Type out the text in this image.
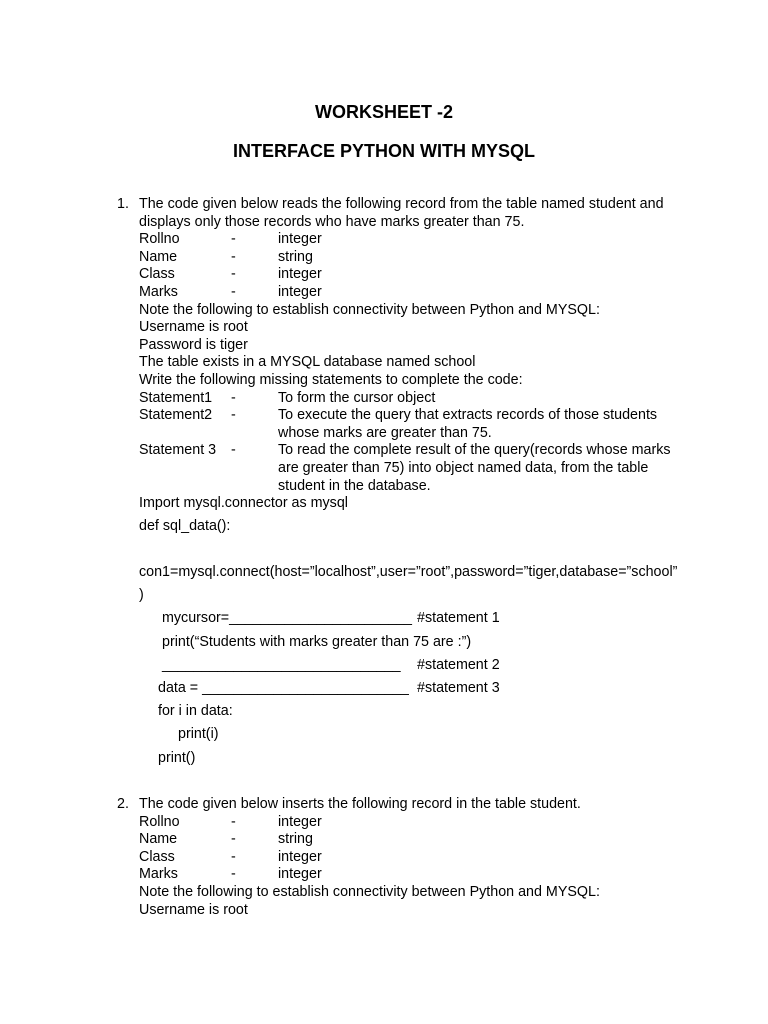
WORKSHEET -2
INTERFACE PYTHON WITH MYSQL
1. The code given below reads the following record from the table named student and displays only those records who have marks greater than 75.
Rollno	-	integer
Name	-	string
Class	-	integer
Marks	-	integer
Note the following to establish connectivity between Python and MYSQL:
Username is root
Password is tiger
The table exists in a MYSQL database named school
Write the following missing statements to complete the code:
Statement1 -	To form the cursor object
Statement2 -	To execute the query that extracts records of those students whose marks are greater than 75.
Statement 3 -	To read the complete result of the query(records whose marks are greater than 75) into object named data, from the table student in the database.
Import mysql.connector as mysql
def sql_data():
con1=mysql.connect(host=”localhost”,user=”root”,password=”tiger,database=”school”
)
mycursor=_______________________ #statement 1
print(“Students with marks greater than 75 are :”)
______________________________ #statement 2
data = __________________________ #statement 3
for i in data:
print(i)
print()
2. The code given below inserts the following record in the table student.
Rollno	-	integer
Name	-	string
Class	-	integer
Marks	-	integer
Note the following to establish connectivity between Python and MYSQL:
Username is root
